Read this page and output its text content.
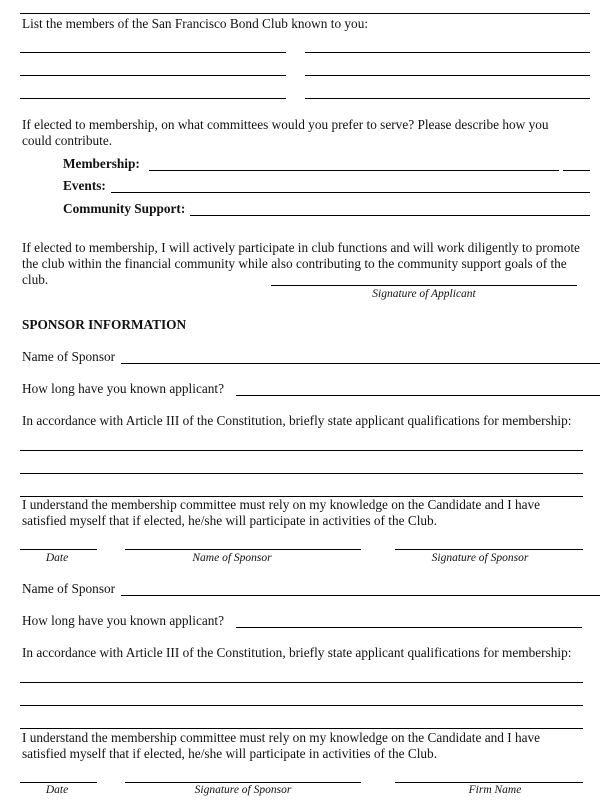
List the members of the San Francisco Bond Club known to you:
If elected to membership, on what committees would you prefer to serve? Please describe how you
could contribute.
Membership:
Events:
Community Support:
If elected to membership, I will actively participate in club functions and will work diligently to promote
the club within the financial community while also contributing to the community support goals of the
club.
Signature of Applicant
SPONSOR INFORMATION
Name of Sponsor
How long have you known applicant?
In accordance with Article III of the Constitution, briefly state applicant qualifications for membership:
I understand the membership committee must rely on my knowledge on the Candidate and I have
satisfied myself that if elected, he/she will participate in activities of the Club.
Date	Name of Sponsor	Signature of Sponsor
Name of Sponsor
How long have you known applicant?
In accordance with Article III of the Constitution, briefly state applicant qualifications for membership:
I understand the membership committee must rely on my knowledge on the Candidate and I have
satisfied myself that if elected, he/she will participate in activities of the Club.
Date	Signature of Sponsor	Firm Name
